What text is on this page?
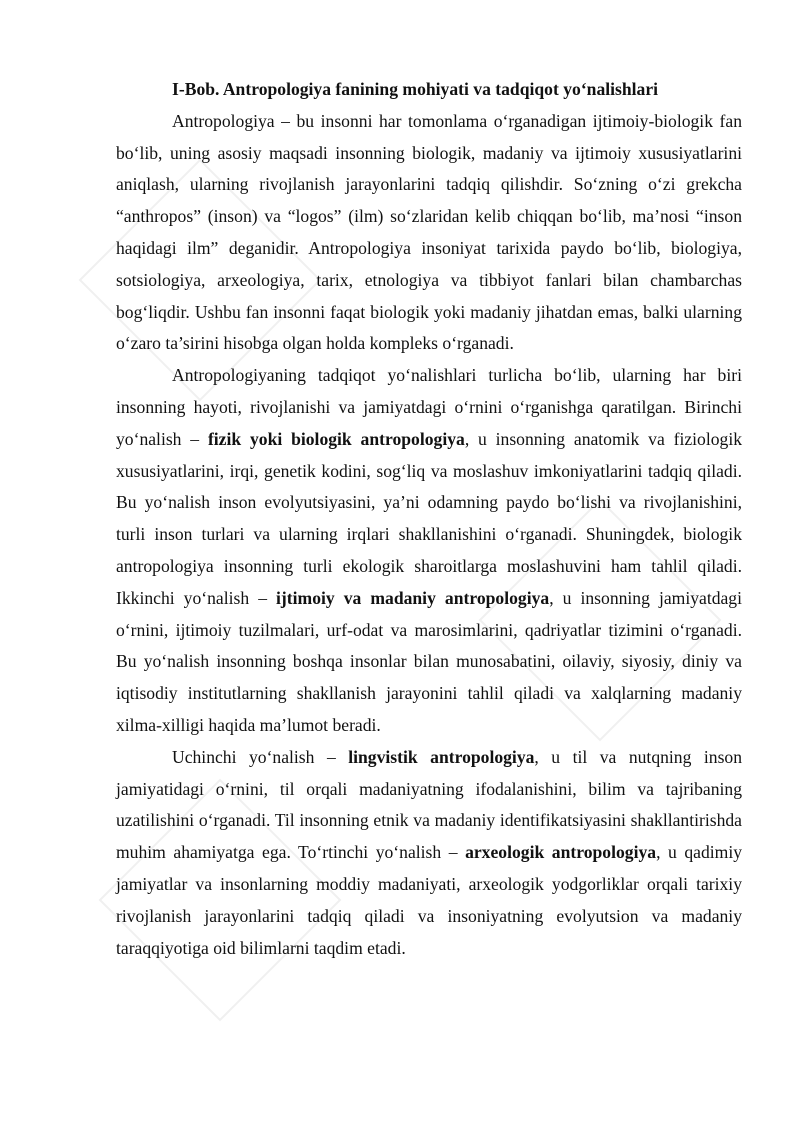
I-Bob. Antropologiya fanining mohiyati va tadqiqot yo‘nalishlari

Antropologiya – bu insonni har tomonlama o‘rganadigan ijtimoiy-biologik fan bo‘lib, uning asosiy maqsadi insonning biologik, madaniy va ijtimoiy xususiyatlarini aniqlash, ularning rivojlanish jarayonlarini tadqiq qilishdir. So‘zning o‘zi grekcha “anthropos” (inson) va “logos” (ilm) so‘zlaridan kelib chiqqan bo‘lib, ma’nosi “inson haqidagi ilm” deganidir. Antropologiya insoniyat tarixida paydo bo‘lib, biologiya, sotsiologiya, arxeologiya, tarix, etnologiya va tibbiyot fanlari bilan chambarchas bog‘liqdir. Ushbu fan insonni faqat biologik yoki madaniy jihatdan emas, balki ularning o‘zaro ta’sirini hisobga olgan holda kompleks o‘rganadi.

Antropologiyaning tadqiqot yo‘nalishlari turlicha bo‘lib, ularning har biri insonning hayoti, rivojlanishi va jamiyatdagi o‘rnini o‘rganishga qaratilgan. Birinchi yo‘nalish – fizik yoki biologik antropologiya, u insonning anatomik va fiziologik xususiyatlarini, irqi, genetik kodini, sog‘liq va moslashuv imkoniyatlarini tadqiq qiladi. Bu yo‘nalish inson evolyutsiyasini, ya’ni odamning paydo bo‘lishi va rivojlanishini, turli inson turlari va ularning irqlari shakllanishini o‘rganadi. Shuningdek, biologik antropologiya insonning turli ekologik sharoitlarga moslashuvini ham tahlil qiladi. Ikkinchi yo‘nalish – ijtimoiy va madaniy antropologiya, u insonning jamiyatdagi o‘rnini, ijtimoiy tuzilmalari, urf-odat va marosimlarini, qadriyatlar tizimini o‘rganadi. Bu yo‘nalish insonning boshqa insonlar bilan munosabatini, oilaviy, siyosiy, diniy va iqtisodiy institutlarning shakllanish jarayonini tahlil qiladi va xalqlarning madaniy xilma-xilligi haqida ma’lumot beradi.

Uchinchi yo‘nalish – lingvistik antropologiya, u til va nutqning inson jamiyatidagi o‘rnini, til orqali madaniyatning ifodalanishini, bilim va tajribaning uzatilishini o‘rganadi. Til insonning etnik va madaniy identifikatsiyasini shakllantirishda muhim ahamiyatga ega. To‘rtinchi yo‘nalish – arxeologik antropologiya, u qadimiy jamiyatlar va insonlarning moddiy madaniyati, arxeologik yodgorliklar orqali tarixiy rivojlanish jarayonlarini tadqiq qiladi va insoniyatning evolyutsion va madaniy taraqqiyotiga oid bilimlarni taqdim etadi.
